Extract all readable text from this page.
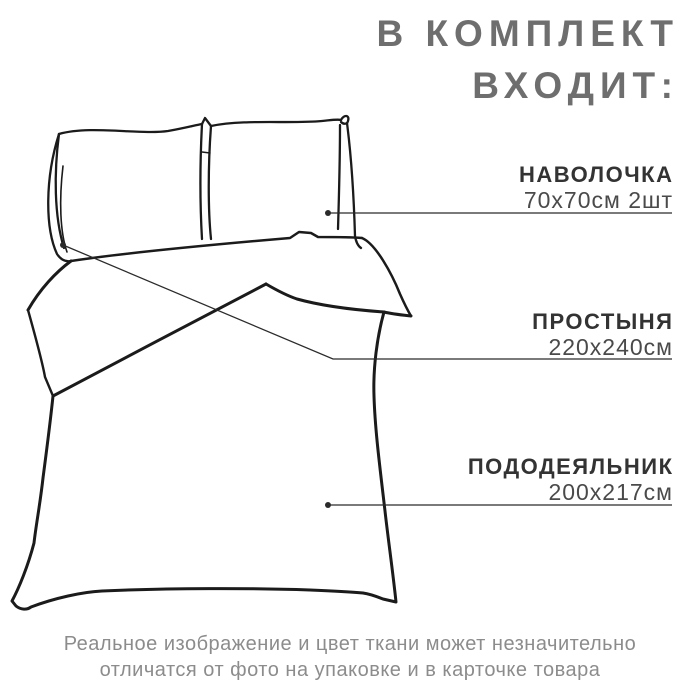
В КОМПЛЕКТ
ВХОДИТ:
НАВОЛОЧКА
70х70см 2шт
ПРОСТЫНЯ
220х240см
ПОДОДЕЯЛЬНИК
200х217см
Реальное изображение и цвет ткани может незначительно
отличатся от фото на упаковке и в карточке товара
